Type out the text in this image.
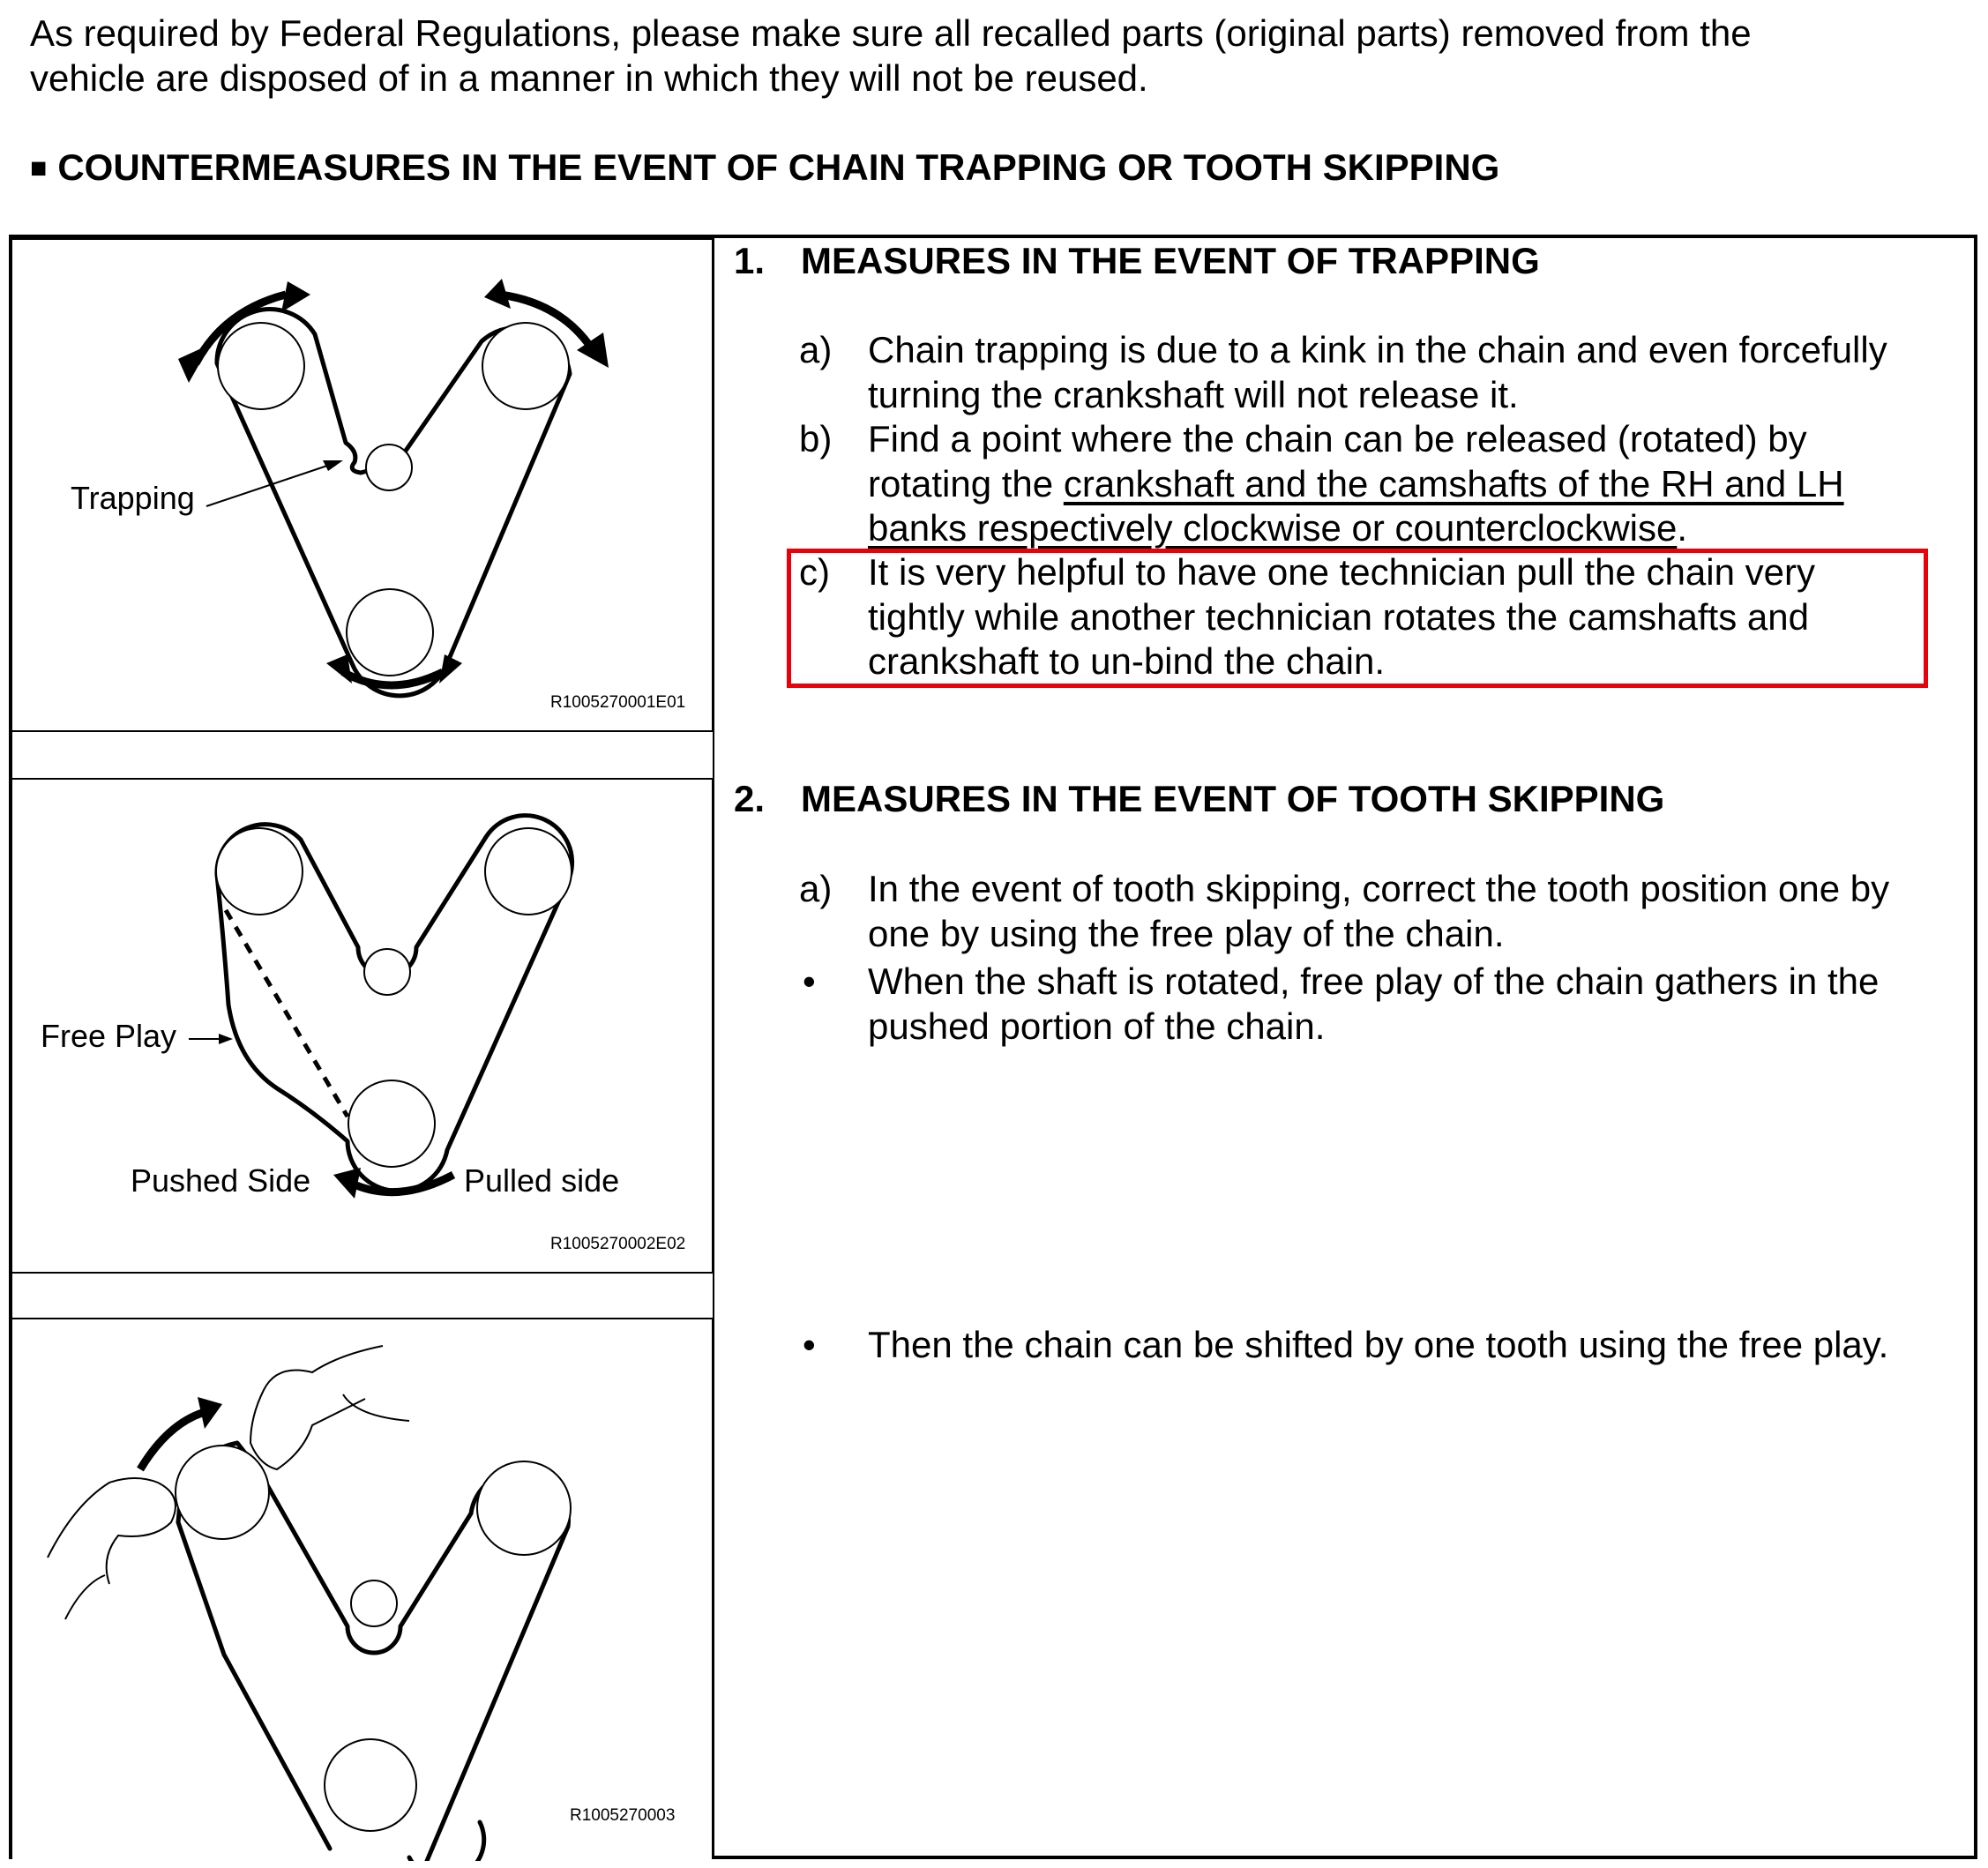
As required by Federal Regulations, please make sure all recalled parts (original parts) removed from the
vehicle are disposed of in a manner in which they will not be reused.

■ COUNTERMEASURES IN THE EVENT OF CHAIN TRAPPING OR TOOTH SKIPPING

Trapping
R1005270001E01
Free Play
Pushed Side	Pulled side
R1005270002E02
R1005270003

1. MEASURES IN THE EVENT OF TRAPPING

a) Chain trapping is due to a kink in the chain and even forcefully
turning the crankshaft will not release it.
b) Find a point where the chain can be released (rotated) by
rotating the crankshaft and the camshafts of the RH and LH
banks respectively clockwise or counterclockwise.
c) It is very helpful to have one technician pull the chain very
tightly while another technician rotates the camshafts and
crankshaft to un-bind the chain.

2. MEASURES IN THE EVENT OF TOOTH SKIPPING

a) In the event of tooth skipping, correct the tooth position one by
one by using the free play of the chain.
• When the shaft is rotated, free play of the chain gathers in the
pushed portion of the chain.
• Then the chain can be shifted by one tooth using the free play.
